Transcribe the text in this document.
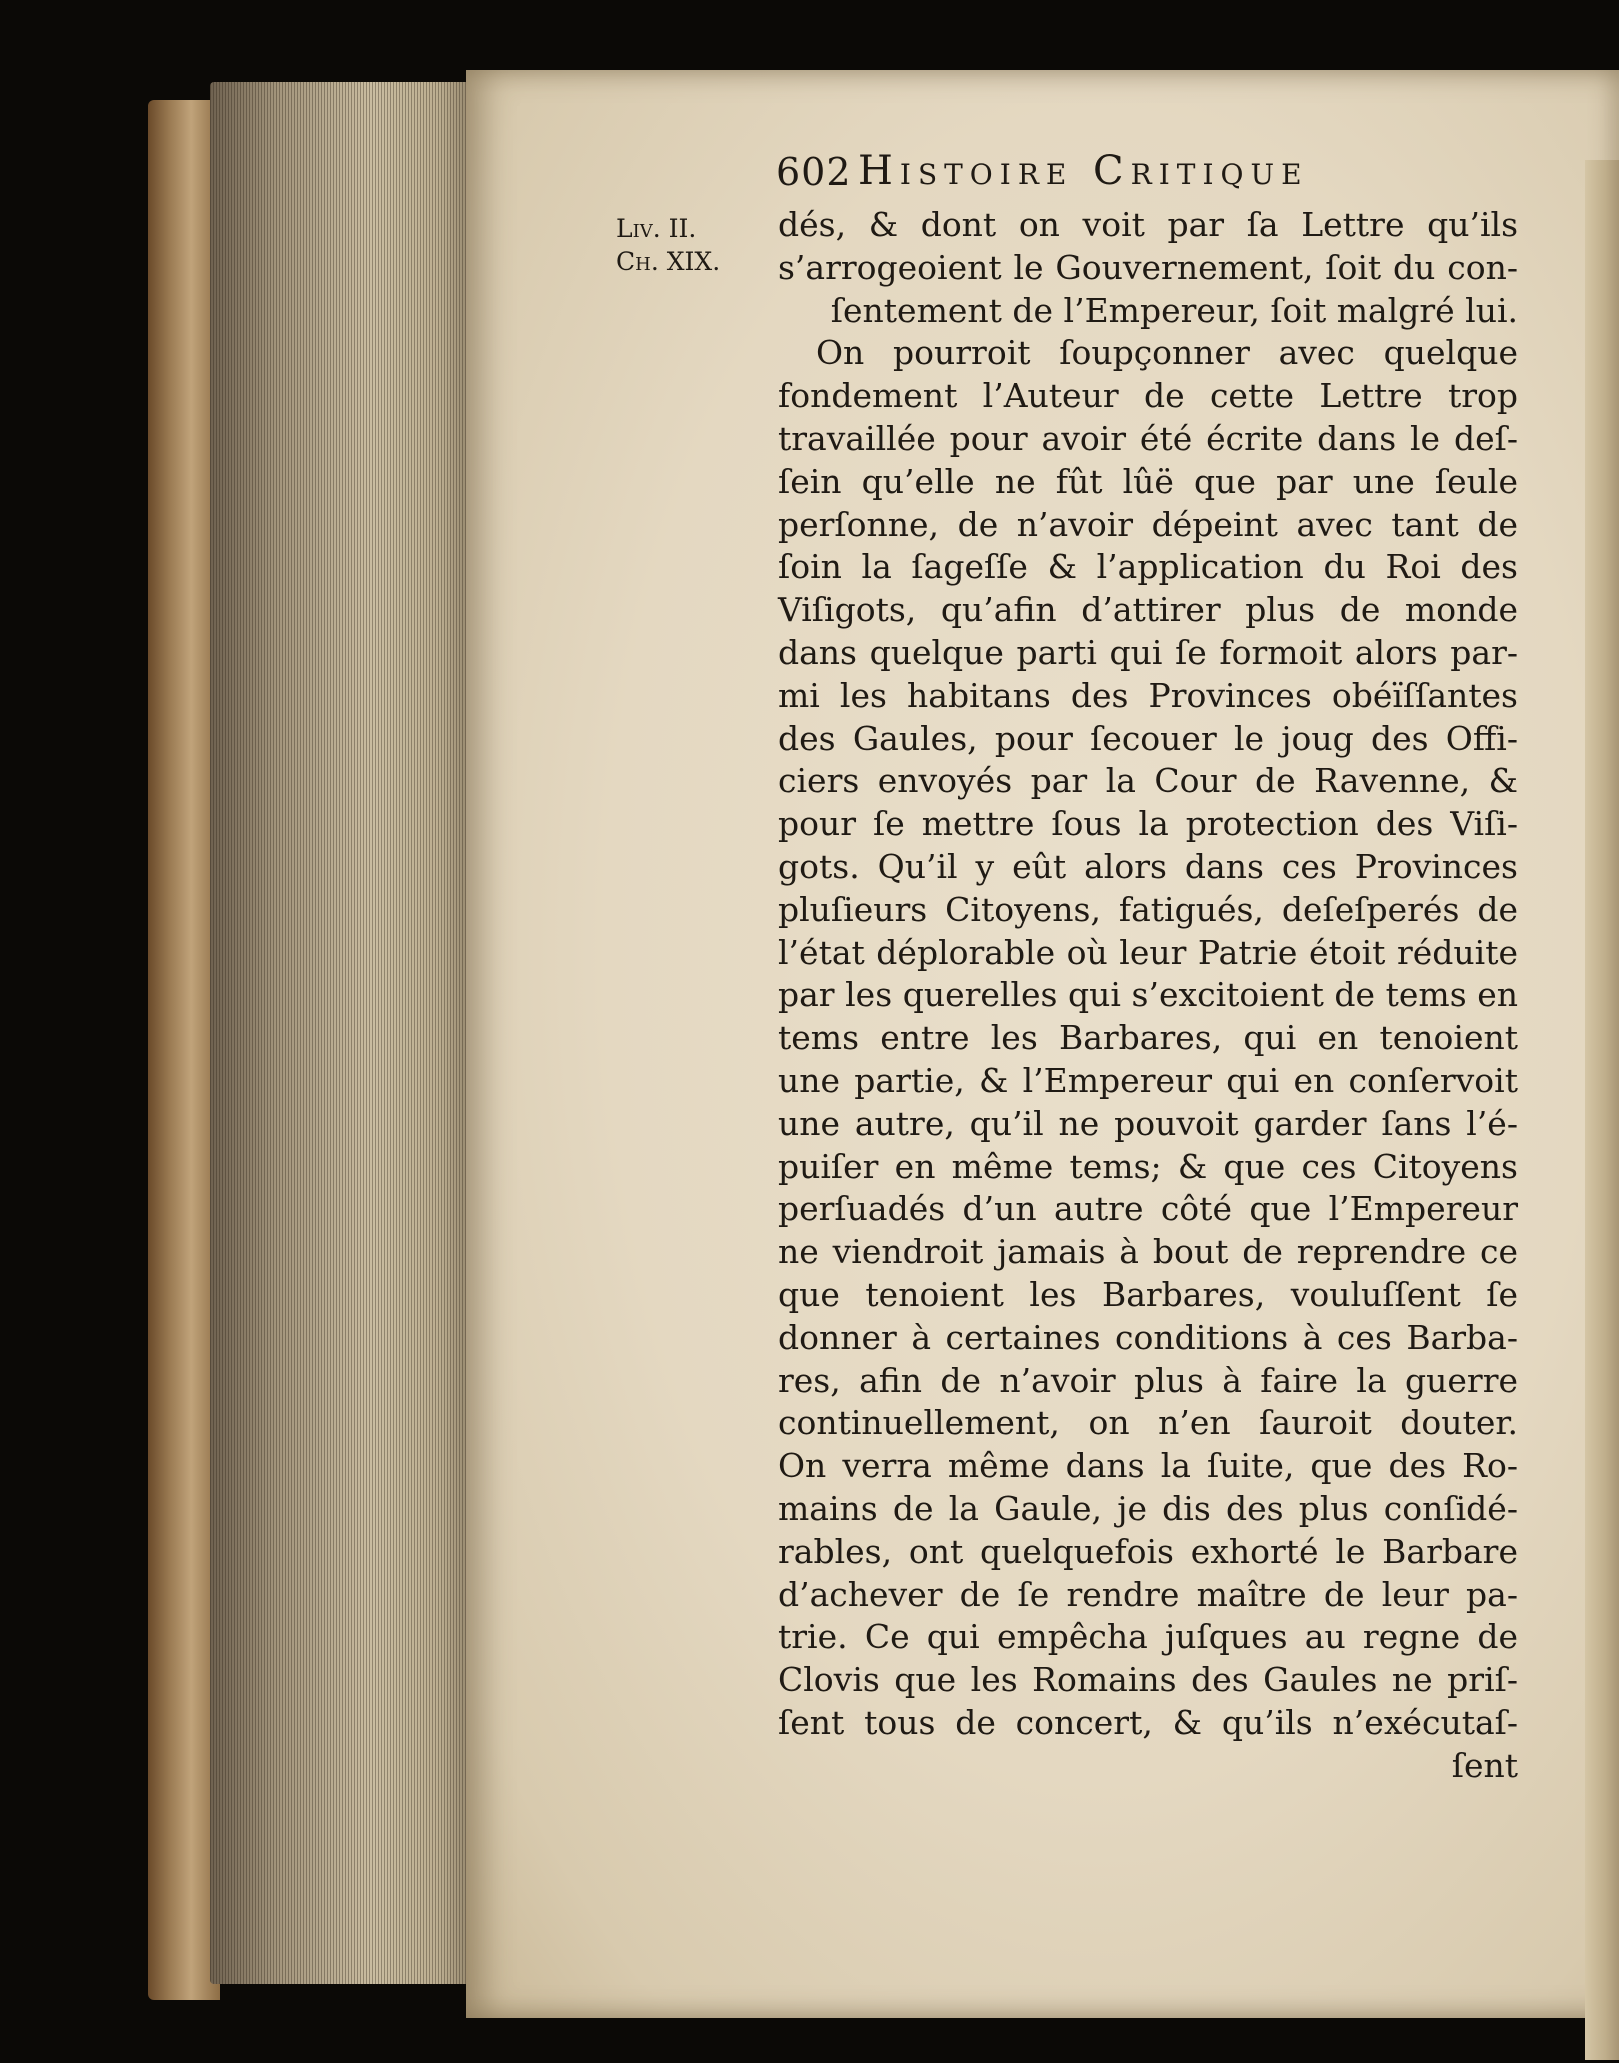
602 Histoire Critique
Liv. II.
Ch. XIX.
dés, & dont on voit par ſa Lettre qu’ils
s’arrogeoient le Gouvernement, ſoit du con-
ſentement de l’Empereur, ſoit malgré lui.
On pourroit ſoupçonner avec quelque
fondement l’Auteur de cette Lettre trop
travaillée pour avoir été écrite dans le deſ-
ſein qu’elle ne fût lûë que par une ſeule
perſonne, de n’avoir dépeint avec tant de
ſoin la ſageſſe & l’application du Roi des
Viſigots, qu’afin d’attirer plus de monde
dans quelque parti qui ſe formoit alors par-
mi les habitans des Provinces obéïſſantes
des Gaules, pour ſecouer le joug des Offi-
ciers envoyés par la Cour de Ravenne, &
pour ſe mettre ſous la protection des Viſi-
gots. Qu’il y eût alors dans ces Provinces
pluſieurs Citoyens, fatigués, deſeſperés de
l’état déplorable où leur Patrie étoit réduite
par les querelles qui s’excitoient de tems en
tems entre les Barbares, qui en tenoient
une partie, & l’Empereur qui en conſervoit
une autre, qu’il ne pouvoit garder ſans l’é-
puiſer en même tems; & que ces Citoyens
perſuadés d’un autre côté que l’Empereur
ne viendroit jamais à bout de reprendre ce
que tenoient les Barbares, vouluſſent ſe
donner à certaines conditions à ces Barba-
res, afin de n’avoir plus à faire la guerre
continuellement, on n’en ſauroit douter.
On verra même dans la ſuite, que des Ro-
mains de la Gaule, je dis des plus conſidé-
rables, ont quelquefois exhorté le Barbare
d’achever de ſe rendre maître de leur pa-
trie. Ce qui empêcha juſques au regne de
Clovis que les Romains des Gaules ne priſ-
ſent tous de concert, & qu’ils n’exécutaſ-
ſent
